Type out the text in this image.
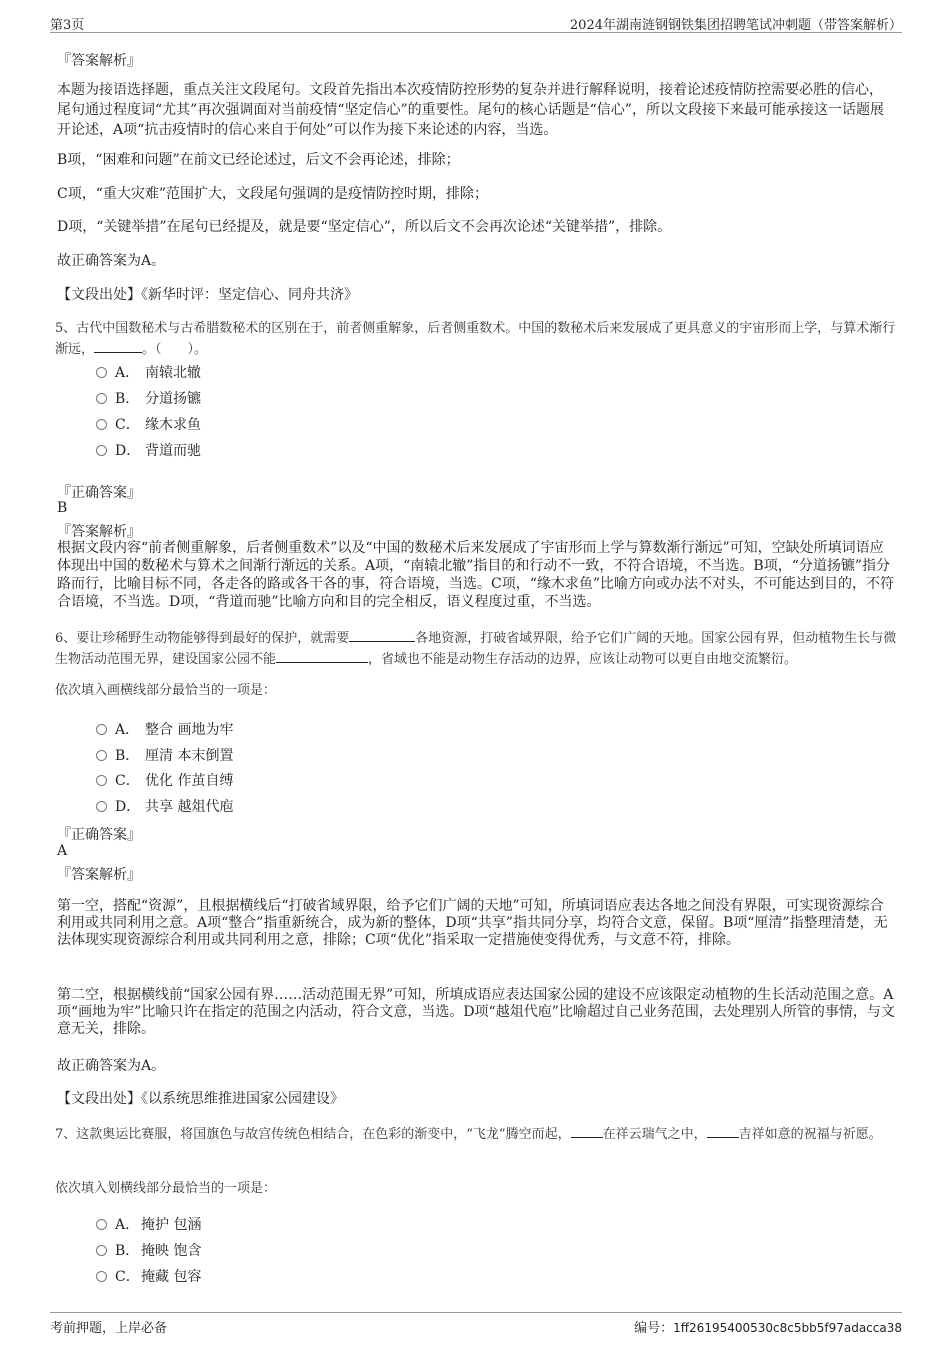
第3页	2024年湖南涟钢钢铁集团招聘笔试冲刺题（带答案解析）
『答案解析』
本题为接语选择题，重点关注文段尾句。文段首先指出本次疫情防控形势的复杂并进行解释说明，接着论述疫情防控需要必胜的信心，尾句通过程度词“尤其”再次强调面对当前疫情“坚定信心”的重要性。尾句的核心话题是“信心”，所以文段接下来最可能承接这一话题展开论述，A项“抗击疫情时的信心来自于何处”可以作为接下来论述的内容，当选。
B项，“困难和问题”在前文已经论述过，后文不会再论述，排除；
C项，“重大灾难”范围扩大，文段尾句强调的是疫情防控时期，排除；
D项，“关键举措”在尾句已经提及，就是要“坚定信心”，所以后文不会再次论述“关键举措”，排除。
故正确答案为A。
【文段出处】《新华时评：坚定信心、同舟共济》
5、古代中国数秘术与古希腊数秘术的区别在于，前者侧重解象，后者侧重数术。中国的数秘术后来发展成了更具意义的宇宙形而上学，与算术渐行渐远，	。（　　）。
A． 南辕北辙
B． 分道扬镳
C． 缘木求鱼
D． 背道而驰
『正确答案』
B
『答案解析』
根据文段内容“前者侧重解象，后者侧重数术”以及“中国的数秘术后来发展成了宇宙形而上学与算数渐行渐远”可知，空缺处所填词语应体现出中国的数秘术与算术之间渐行渐远的关系。A项，“南辕北辙”指目的和行动不一致，不符合语境，不当选。B项，“分道扬镳”指分路而行，比喻目标不同，各走各的路或各干各的事，符合语境，当选。C项，“缘木求鱼”比喻方向或办法不对头，不可能达到目的，不符合语境，不当选。D项，“背道而驰”比喻方向和目的完全相反，语义程度过重，不当选。
6、要让珍稀野生动物能够得到最好的保护，就需要	各地资源，打破省域界限，给予它们广阔的天地。国家公园有界，但动植物生长与微生物活动范围无界，建设国家公园不能	，省域也不能是动物生存活动的边界，应该让动物可以更自由地交流繁衍。
依次填入画横线部分最恰当的一项是：
A． 整合 画地为牢
B． 厘清 本末倒置
C． 优化 作茧自缚
D． 共享 越俎代庖
『正确答案』
A
『答案解析』
第一空，搭配“资源”，且根据横线后“打破省域界限，给予它们广阔的天地”可知，所填词语应表达各地之间没有界限，可实现资源综合利用或共同利用之意。A项“整合”指重新统合，成为新的整体，D项“共享”指共同分享，均符合文意，保留。B项“厘清”指整理清楚，无法体现实现资源综合利用或共同利用之意，排除；C项“优化”指采取一定措施使变得优秀，与文意不符，排除。
第二空，根据横线前“国家公园有界……活动范围无界”可知，所填成语应表达国家公园的建设不应该限定动植物的生长活动范围之意。A项“画地为牢”比喻只许在指定的范围之内活动，符合文意，当选。D项“越俎代庖”比喻超过自己业务范围，去处理别人所管的事情，与文意无关，排除。
故正确答案为A。
【文段出处】《以系统思维推进国家公园建设》
7、这款奥运比赛服，将国旗色与故宫传统色相结合，在色彩的渐变中，“飞龙”腾空而起， 在祥云瑞气之中， 吉祥如意的祝福与祈愿。
依次填入划横线部分最恰当的一项是：
A． 掩护 包涵
B． 掩映 饱含
C．掩藏 包容
考前押题，上岸必备	编号：1ff26195400530c8c5bb5f97adacca38
